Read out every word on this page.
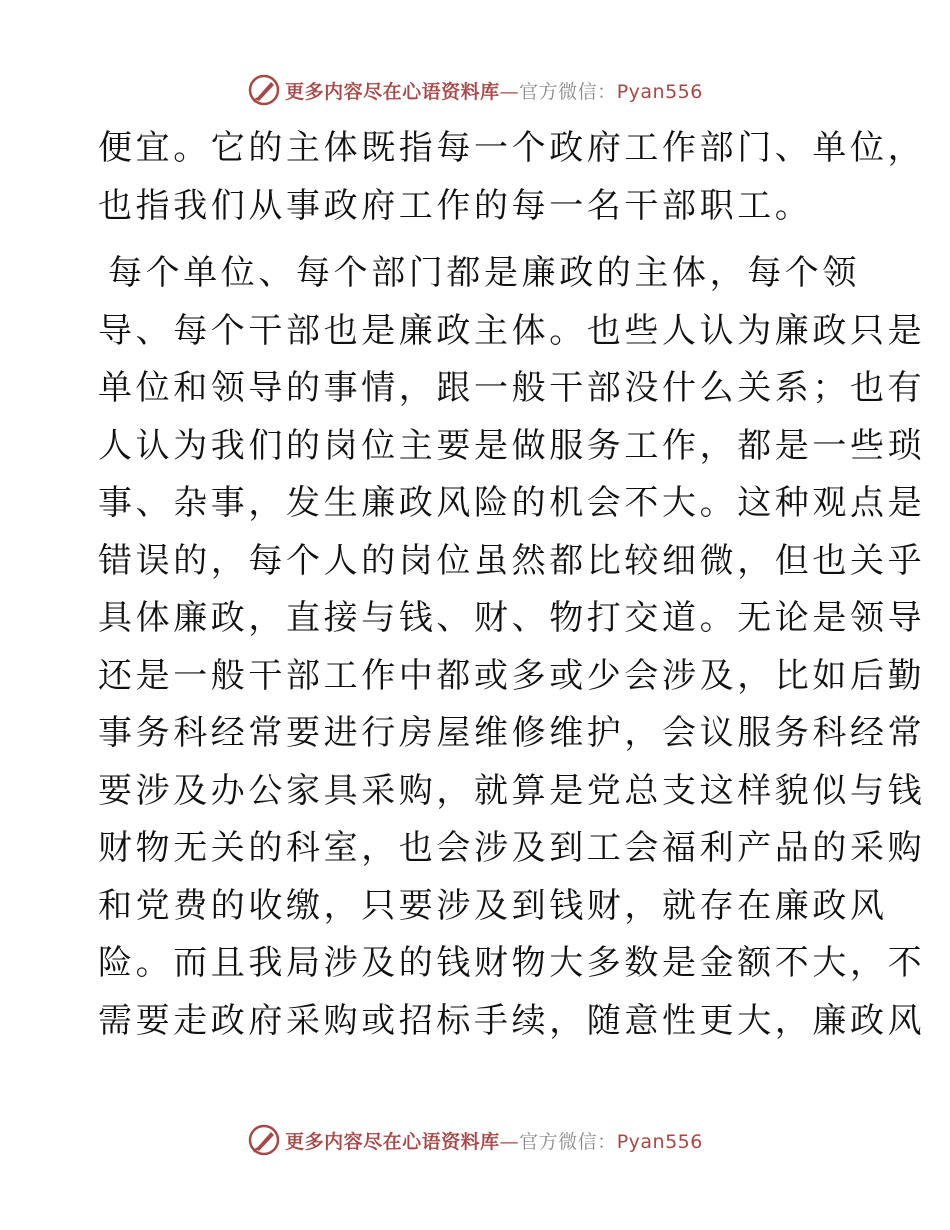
更多内容尽在心语资料库—官方微信：Pyan556
便宜。它的主体既指每一个政府工作部门、单位，
也指我们从事政府工作的每一名干部职工。
每个单位、每个部门都是廉政的主体，每个领
导、每个干部也是廉政主体。也些人认为廉政只是
单位和领导的事情，跟一般干部没什么关系；也有
人认为我们的岗位主要是做服务工作，都是一些琐
事、杂事，发生廉政风险的机会不大。这种观点是
错误的，每个人的岗位虽然都比较细微，但也关乎
具体廉政，直接与钱、财、物打交道。无论是领导
还是一般干部工作中都或多或少会涉及，比如后勤
事务科经常要进行房屋维修维护，会议服务科经常
要涉及办公家具采购，就算是党总支这样貌似与钱
财物无关的科室，也会涉及到工会福利产品的采购
和党费的收缴，只要涉及到钱财，就存在廉政风
险。而且我局涉及的钱财物大多数是金额不大，不
需要走政府采购或招标手续，随意性更大，廉政风
更多内容尽在心语资料库—官方微信：Pyan556
